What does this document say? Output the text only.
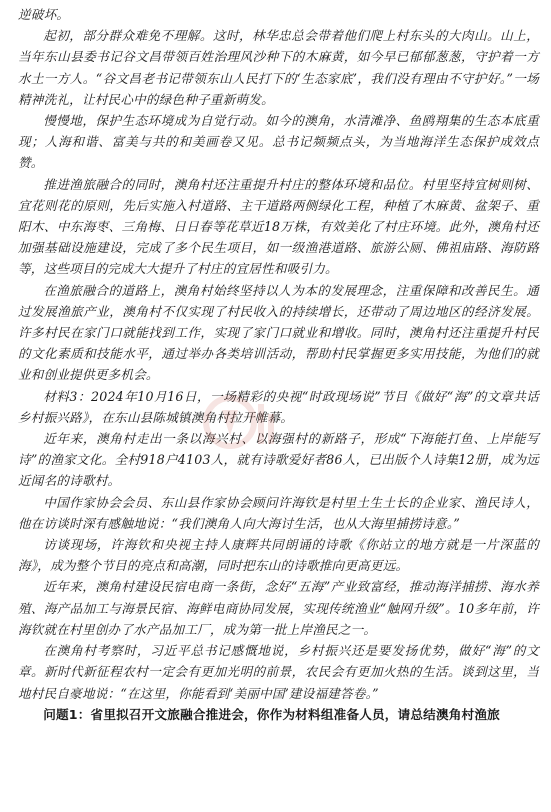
逆破坏。

起初，部分群众难免不理解。这时，林华忠总会带着他们爬上村东头的大肉山。山上，当年东山县委书记谷文昌带领百姓治理风沙种下的木麻黄，如今早已郁郁葱葱，守护着一方水土一方人。“谷文昌老书记带领东山人民打下的‘生态家底’，我们没有理由不守护好。”一场精神洗礼，让村民心中的绿色种子重新萌发。

慢慢地，保护生态环境成为自觉行动。如今的澳角，水清滩净、鱼鸥翔集的生态本底重现；人海和谐、富美与共的和美画卷又见。总书记频频点头，为当地海洋生态保护成效点赞。

推进渔旅融合的同时，澳角村还注重提升村庄的整体环境和品位。村里坚持宜树则树、宜花则花的原则，先后实施入村道路、主干道路两侧绿化工程，种植了木麻黄、盆架子、重阳木、中东海枣、三角梅、日日春等花草近18万株，有效美化了村庄环境。此外，澳角村还加强基础设施建设，完成了多个民生项目，如一级渔港道路、旅游公厕、佛祖庙路、海防路等，这些项目的完成大大提升了村庄的宜居性和吸引力。

在渔旅融合的道路上，澳角村始终坚持以人为本的发展理念，注重保障和改善民生。通过发展渔旅产业，澳角村不仅实现了村民收入的持续增长，还带动了周边地区的经济发展。许多村民在家门口就能找到工作，实现了家门口就业和增收。同时，澳角村还注重提升村民的文化素质和技能水平，通过举办各类培训活动，帮助村民掌握更多实用技能，为他们的就业和创业提供更多机会。

材料3：2024年10月16日，一场精彩的央视“时政现场说”节目《做好“海”的文章共话乡村振兴路》，在东山县陈城镇澳角村拉开帷幕。

近年来，澳角村走出一条以海兴村、以海强村的新路子，形成“下海能打鱼、上岸能写诗”的渔家文化。全村918户4103人，就有诗歌爱好者86人，已出版个人诗集12册，成为远近闻名的诗歌村。

中国作家协会会员、东山县作家协会顾问许海钦是村里土生土长的企业家、渔民诗人，他在访谈时深有感触地说：“我们澳角人向大海讨生活，也从大海里捕捞诗意。”

访谈现场，许海钦和央视主持人康辉共同朗诵的诗歌《你站立的地方就是一片深蓝的海》，成为整个节目的亮点和高潮，同时把东山的诗歌推向更高更远。

近年来，澳角村建设民宿电商一条街，念好“五海”产业致富经，推动海洋捕捞、海水养殖、海产品加工与海景民宿、海鲜电商协同发展，实现传统渔业“触网升级”。10多年前，许海钦就在村里创办了水产品加工厂，成为第一批上岸渔民之一。

在澳角村考察时，习近平总书记感慨地说，乡村振兴还是要发扬优势，做好“海”的文章。新时代新征程农村一定会有更加光明的前景，农民会有更加火热的生活。谈到这里，当地村民自豪地说：“在这里，你能看到‘美丽中国’建设福建答卷。”

问题1：省里拟召开文旅融合推进会，你作为材料组准备人员，请总结澳角村渔旅
